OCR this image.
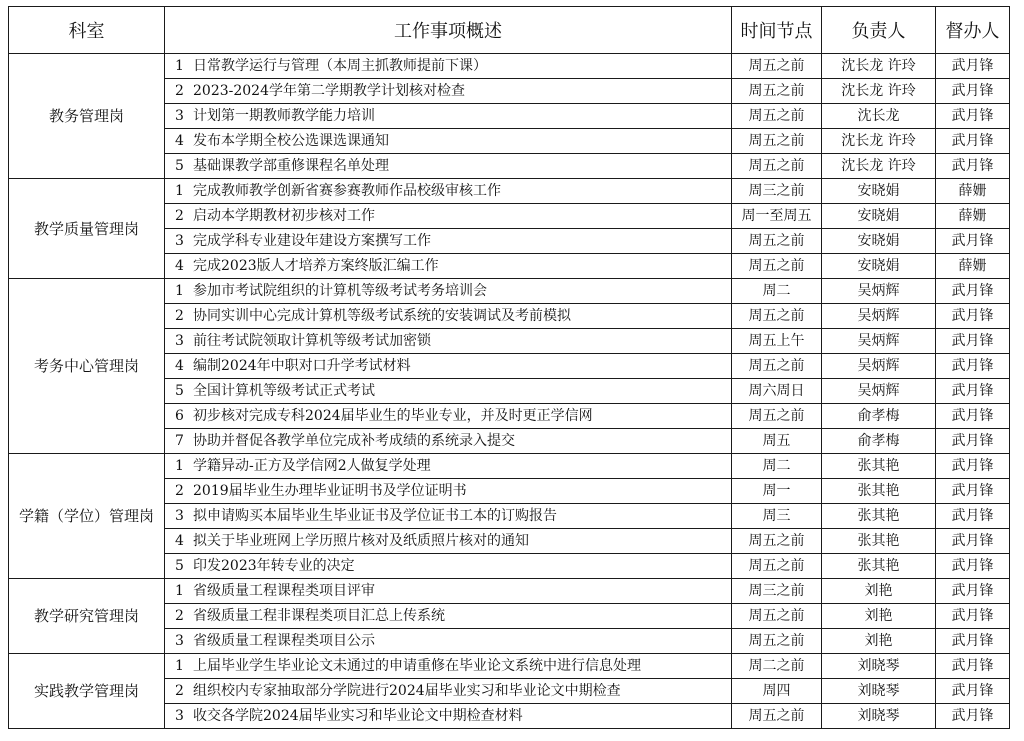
科室	工作事项概述	时间节点	负责人	督办人
教务管理岗	1 日常教学运行与管理（本周主抓教师提前下课）	周五之前	沈长龙 许玲	武月锋
	2 2023-2024学年第二学期教学计划核对检查	周五之前	沈长龙 许玲	武月锋
	3 计划第一期教师教学能力培训	周五之前	沈长龙	武月锋
	4 发布本学期全校公选课选课通知	周五之前	沈长龙 许玲	武月锋
	5 基础课教学部重修课程名单处理	周五之前	沈长龙 许玲	武月锋
教学质量管理岗	1 完成教师教学创新省赛参赛教师作品校级审核工作	周三之前	安晓娟	薛姗
	2 启动本学期教材初步核对工作	周一至周五	安晓娟	薛姗
	3 完成学科专业建设年建设方案撰写工作	周五之前	安晓娟	武月锋
	4 完成2023版人才培养方案终版汇编工作	周五之前	安晓娟	薛姗
考务中心管理岗	1 参加市考试院组织的计算机等级考试考务培训会	周二	吴炳辉	武月锋
	2 协同实训中心完成计算机等级考试系统的安装调试及考前模拟	周五之前	吴炳辉	武月锋
	3 前往考试院领取计算机等级考试加密锁	周五上午	吴炳辉	武月锋
	4 编制2024年中职对口升学考试材料	周五之前	吴炳辉	武月锋
	5 全国计算机等级考试正式考试	周六周日	吴炳辉	武月锋
	6 初步核对完成专科2024届毕业生的毕业专业，并及时更正学信网	周五之前	俞孝梅	武月锋
	7 协助并督促各教学单位完成补考成绩的系统录入提交	周五	俞孝梅	武月锋
学籍（学位）管理岗	1 学籍异动-正方及学信网2人做复学处理	周二	张其艳	武月锋
	2 2019届毕业生办理毕业证明书及学位证明书	周一	张其艳	武月锋
	3 拟申请购买本届毕业生毕业证书及学位证书工本的订购报告	周三	张其艳	武月锋
	4 拟关于毕业班网上学历照片核对及纸质照片核对的通知	周五之前	张其艳	武月锋
	5 印发2023年转专业的决定	周五之前	张其艳	武月锋
教学研究管理岗	1 省级质量工程课程类项目评审	周三之前	刘艳	武月锋
	2 省级质量工程非课程类项目汇总上传系统	周五之前	刘艳	武月锋
	3 省级质量工程课程类项目公示	周五之前	刘艳	武月锋
实践教学管理岗	1 上届毕业学生毕业论文未通过的申请重修在毕业论文系统中进行信息处理	周二之前	刘晓琴	武月锋
	2 组织校内专家抽取部分学院进行2024届毕业实习和毕业论文中期检查	周四	刘晓琴	武月锋
	3 收交各学院2024届毕业实习和毕业论文中期检查材料	周五之前	刘晓琴	武月锋
